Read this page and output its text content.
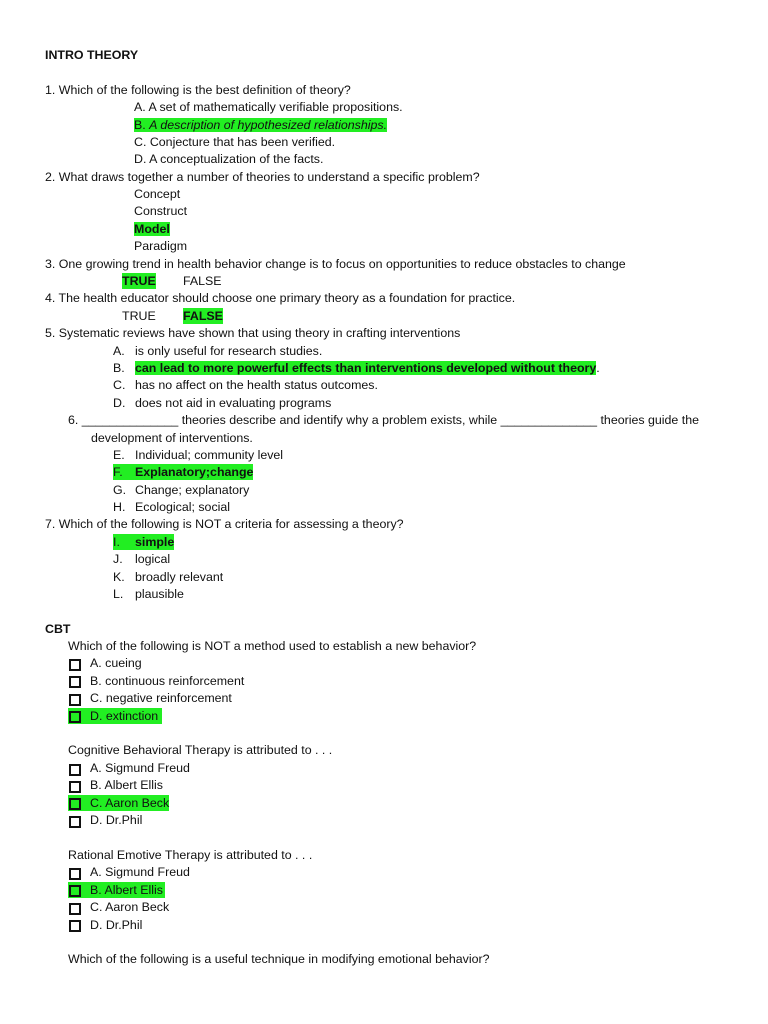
INTRO THEORY
1. Which of the following is the best definition of theory?
A. A set of mathematically verifiable propositions.
B. A description of hypothesized relationships.
C. Conjecture that has been verified.
D. A conceptualization of the facts.
2. What draws together a number of theories to understand a specific problem?
Concept
Construct
Model
Paradigm
3. One growing trend in health behavior change is to focus on opportunities to reduce obstacles to change
TRUE FALSE
4. The health educator should choose one primary theory as a foundation for practice.
TRUE FALSE
5. Systematic reviews have shown that using theory in crafting interventions
A. is only useful for research studies.
B. can lead to more powerful effects than interventions developed without theory.
C. has no affect on the health status outcomes.
D. does not aid in evaluating programs
6. ______________ theories describe and identify why a problem exists, while ______________ theories guide the
development of interventions.
E. Individual; community level
F. Explanatory;change
G. Change; explanatory
H. Ecological; social
7. Which of the following is NOT a criteria for assessing a theory?
I. simple
J. logical
K. broadly relevant
L. plausible
CBT
Which of the following is NOT a method used to establish a new behavior?
A. cueing
B. continuous reinforcement
C. negative reinforcement
D. extinction
Cognitive Behavioral Therapy is attributed to . . .
A. Sigmund Freud
B. Albert Ellis
C. Aaron Beck
D. Dr.Phil
Rational Emotive Therapy is attributed to . . .
A. Sigmund Freud
B. Albert Ellis
C. Aaron Beck
D. Dr.Phil
Which of the following is a useful technique in modifying emotional behavior?
